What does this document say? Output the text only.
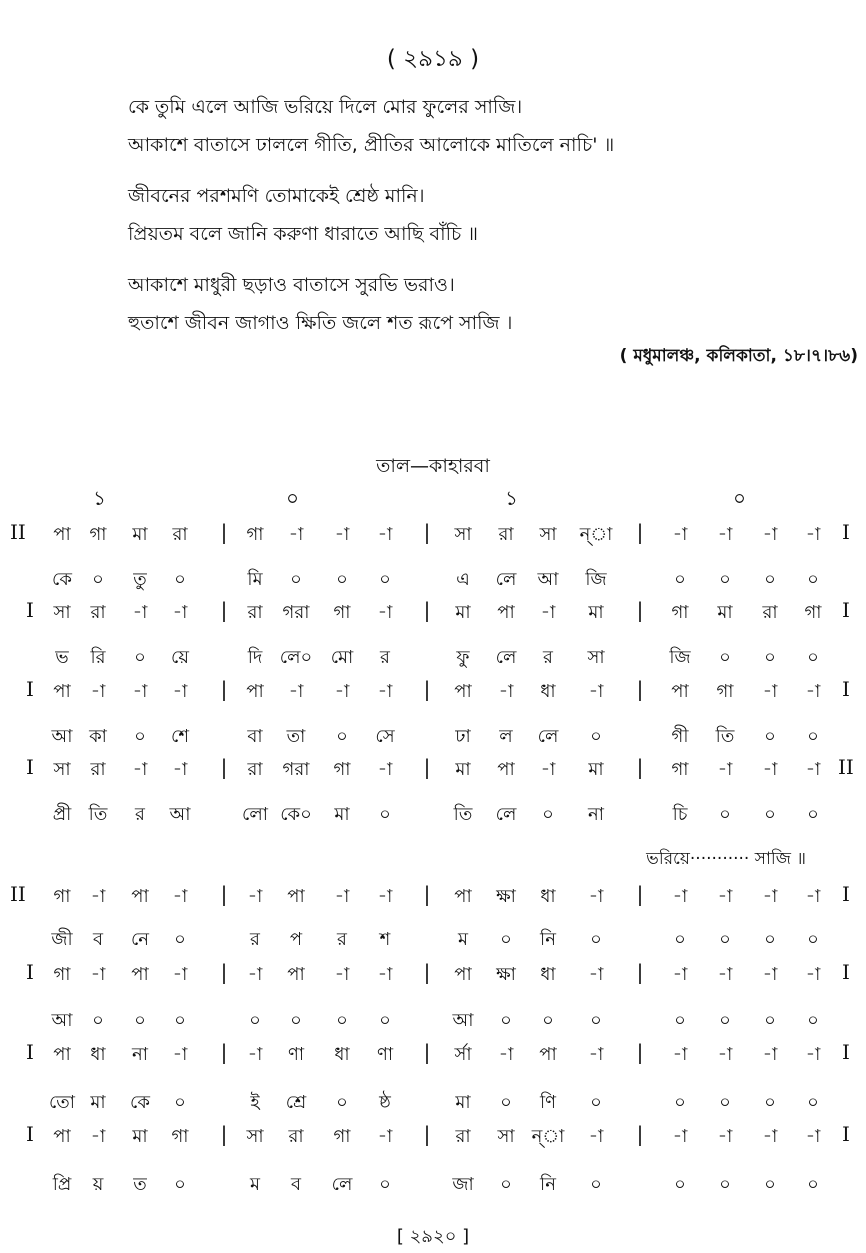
( ২৯১৯ )
কে তুমি এলে আজি ভরিয়ে দিলে মোর ফুলের সাজি।
আকাশে বাতাসে ঢাললে গীতি, প্রীতির আলোকে মাতিলে নাচি' ॥
জীবনের পরশমণি তোমাকেই শ্রেষ্ঠ মানি।
প্রিয়তম বলে জানি করুণা ধারাতে আছি বাঁচি ॥
আকাশে মাধুরী ছড়াও বাতাসে সুরভি ভরাও।
হুতাশে জীবন জাগাও ক্ষিতি জলে শত রূপে সাজি ।
( মধুমালঞ্চ, কলিকাতা, ১৮।৭।৮৬)
তাল—কাহারবা
১	০	১	০
II	I
|	|	|
পা গা মা রা	গা -া -া -া	সা রা সা ন্া	-া -া -া -া
কে ০ তু ০	মি ০ ০ ০	এ লে আ জি	০ ০ ০ ০
I	I
|	|	|
সা রা -া -া	রা গরা গা -া	মা পা -া মা	গা মা রা গা
ভ রি ০ য়ে	দি লে০ মো র	ফু লে র সা	জি ০ ০ ০
I	I
|	|	|
পা -া -া -া	পা -া -া -া	পা -া ধা -া	পা গা -া -া
আ কা ০ শে	বা তা ০ সে	ঢা ল লে ০	গী তি ০ ০
I	II
|	|	|
সা রা -া -া	রা গরা গা -া	মা পা -া মা	গা -া -া -া
প্রী তি র আ	লো কে০ মা ০	তি লে ০ না	চি ০ ০ ০
II	I
|	|	|
গা -া পা -া	-া পা -া -া	পা ক্ষা ধা -া	-া -া -া -া
জী ব নে ০	র প র শ	ম ০ নি ০	০ ০ ০ ০
I	I
|	|	|
গা -া পা -া	-া পা -া -া	পা ক্ষা ধা -া	-া -া -া -া
আ ০ ০ ০	০ ০ ০ ০	আ ০ ০ ০	০ ০ ০ ০
I	I
|	|	|
পা ধা না -া	-া ণা ধা ণা	র্সা -া পা -া	-া -া -া -া
তো মা কে ০	ই শ্রে ০ ষ্ঠ	মা ০ ণি ০	০ ০ ০ ০
I	I
|	|	|
পা -া মা গা	সা রা গা -া	রা সা ন্া -া	-া -া -া -া
প্রি য় ত ০	ম ব লে ০	জা ০ নি ০	০ ০ ০ ০
ভরিয়ে··········· সাজি ॥
[ ২৯২০ ]
